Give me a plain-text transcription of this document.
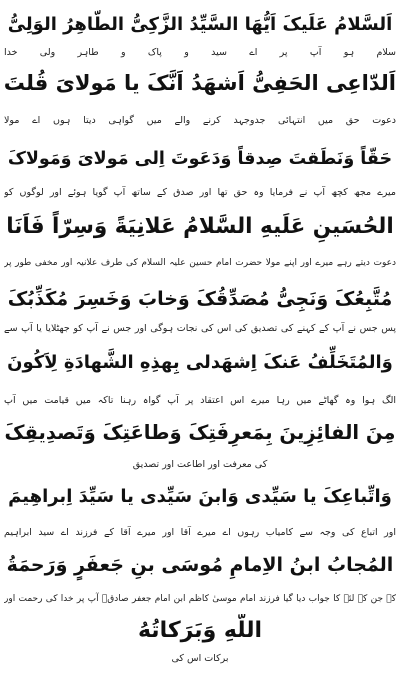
اَلسَّلامُ عَلَیکَ اَیُّهَا السَّیِّدُ الزَّکِیُّ الطّاهِرُ الوَلِیُّ
سلام ہو آپ پر اے سید و پاک و طاہر ولی خدا
اَلدّاعِی الحَفِیُّ اَشهَدُ اَنَّکَ یا مَولایَ قُلتَ
دعوت حق میں انتہائی جدوجہد کرنے والے میں گواہی دیتا ہوں اے مولا
حَقّاً وَنَطَقتَ صِدقاً وَدَعَوتَ اِلی مَولایَ وَمَولاکَ
میرے مجھ کچھ آپ نے فرمایا وہ حق تھا اور صدق کے ساتھ آپ گویا ہوئے اور لوگوں کو
الحُسَینِ عَلَیهِ السَّلامُ عَلانِیَةً وَسِرّاً فَاَنَا
دعوت دیتے رہے میرے اور اپنے مولا حضرت امام حسین علیہ السلام کی طرف علانیہ اور مخفی طور پر
مُتَّبِعُکَ وَنَجِیُّ مُصَدِّقُکَ وَخابَ وَخَسِرَ مُکَذِّبُکَ
پس جس نے آپ کے کہنے کی تصدیق کی اس کی نجات ہوگی اور جس نے آپ کو جھٹلایا یا آپ سے
وَالمُتَخَلِّفُ عَنکَ اِشهَدلی بِهذِهِ الشَّهادَةِ لِاَکُونَ
الگ ہوا وہ گھاٹے میں رہا میرے اس اعتقاد پر آپ گواہ رہنا تاکہ میں قیامت میں آپ
مِنَ الفائِزِینَ بِمَعرِفَتِکَ وَطاعَتِکَ وَتَصدِیقِکَ
کی معرفت اور اطاعت اور تصدیق
وَاتِّباعِکَ یا سَیِّدی وَابنَ سَیِّدی یا سَیِّدَ اِبراهِیمَ
اور اتباع کی وجہ سے کامیاب رہوں اے میرے آقا اور میرے آقا کے فرزند اے سید ابراہیم
المُجابُ ابنُ الاِمامِ مُوسَی بنِ جَعفَرٍ وَرَحمَةُ
کہ جن کے لئے کا جواب دیا گیا فرزند امام موسیٰ کاظم ابن امام جعفر صادقؑ آپ پر خدا کی رحمت اور
اللّهِ وَبَرَکاتُهُ
برکات اس کی
